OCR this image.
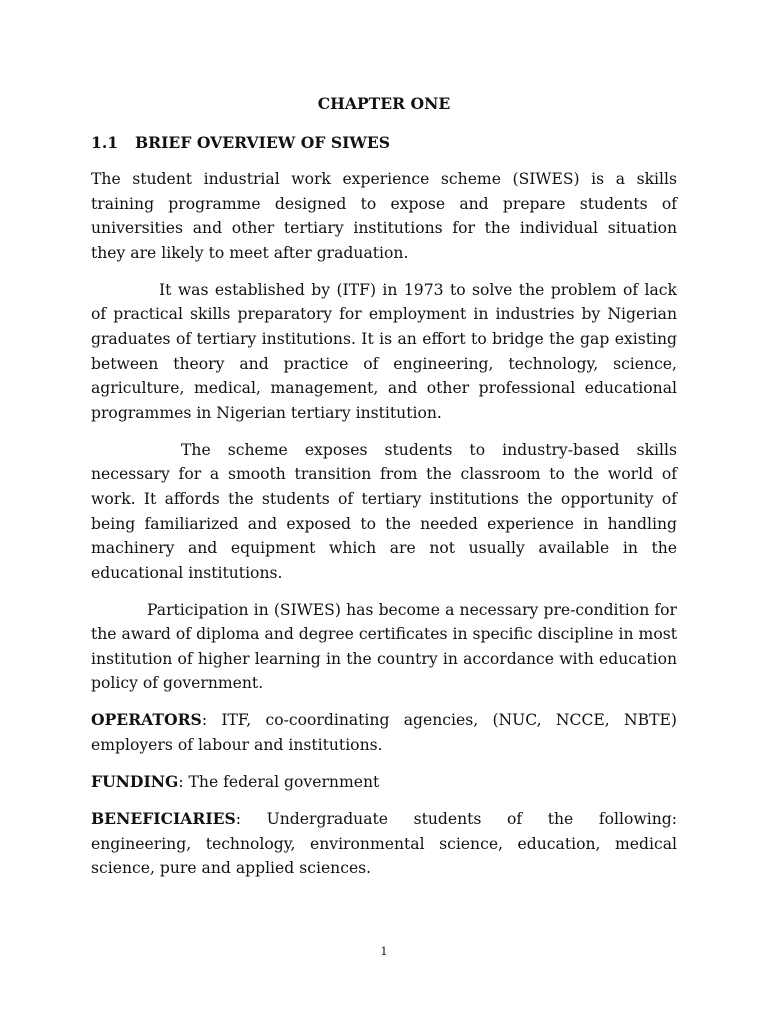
CHAPTER ONE
1.1 BRIEF OVERVIEW OF SIWES

The student industrial work experience scheme (SIWES) is a skills training programme designed to expose and prepare students of universities and other tertiary institutions for the individual situation they are likely to meet after graduation.

It was established by (ITF) in 1973 to solve the problem of lack of practical skills preparatory for employment in industries by Nigerian graduates of tertiary institutions. It is an effort to bridge the gap existing between theory and practice of engineering, technology, science, agriculture, medical, management, and other professional educational programmes in Nigerian tertiary institution.

The scheme exposes students to industry-based skills necessary for a smooth transition from the classroom to the world of work. It affords the students of tertiary institutions the opportunity of being familiarized and exposed to the needed experience in handling machinery and equipment which are not usually available in the educational institutions.

Participation in (SIWES) has become a necessary pre-condition for the award of diploma and degree certificates in specific discipline in most institution of higher learning in the country in accordance with education policy of government.

OPERATORS: ITF, co-coordinating agencies, (NUC, NCCE, NBTE) employers of labour and institutions.

FUNDING: The federal government

BENEFICIARIES: Undergraduate students of the following: engineering, technology, environmental science, education, medical science, pure and applied sciences.

1
